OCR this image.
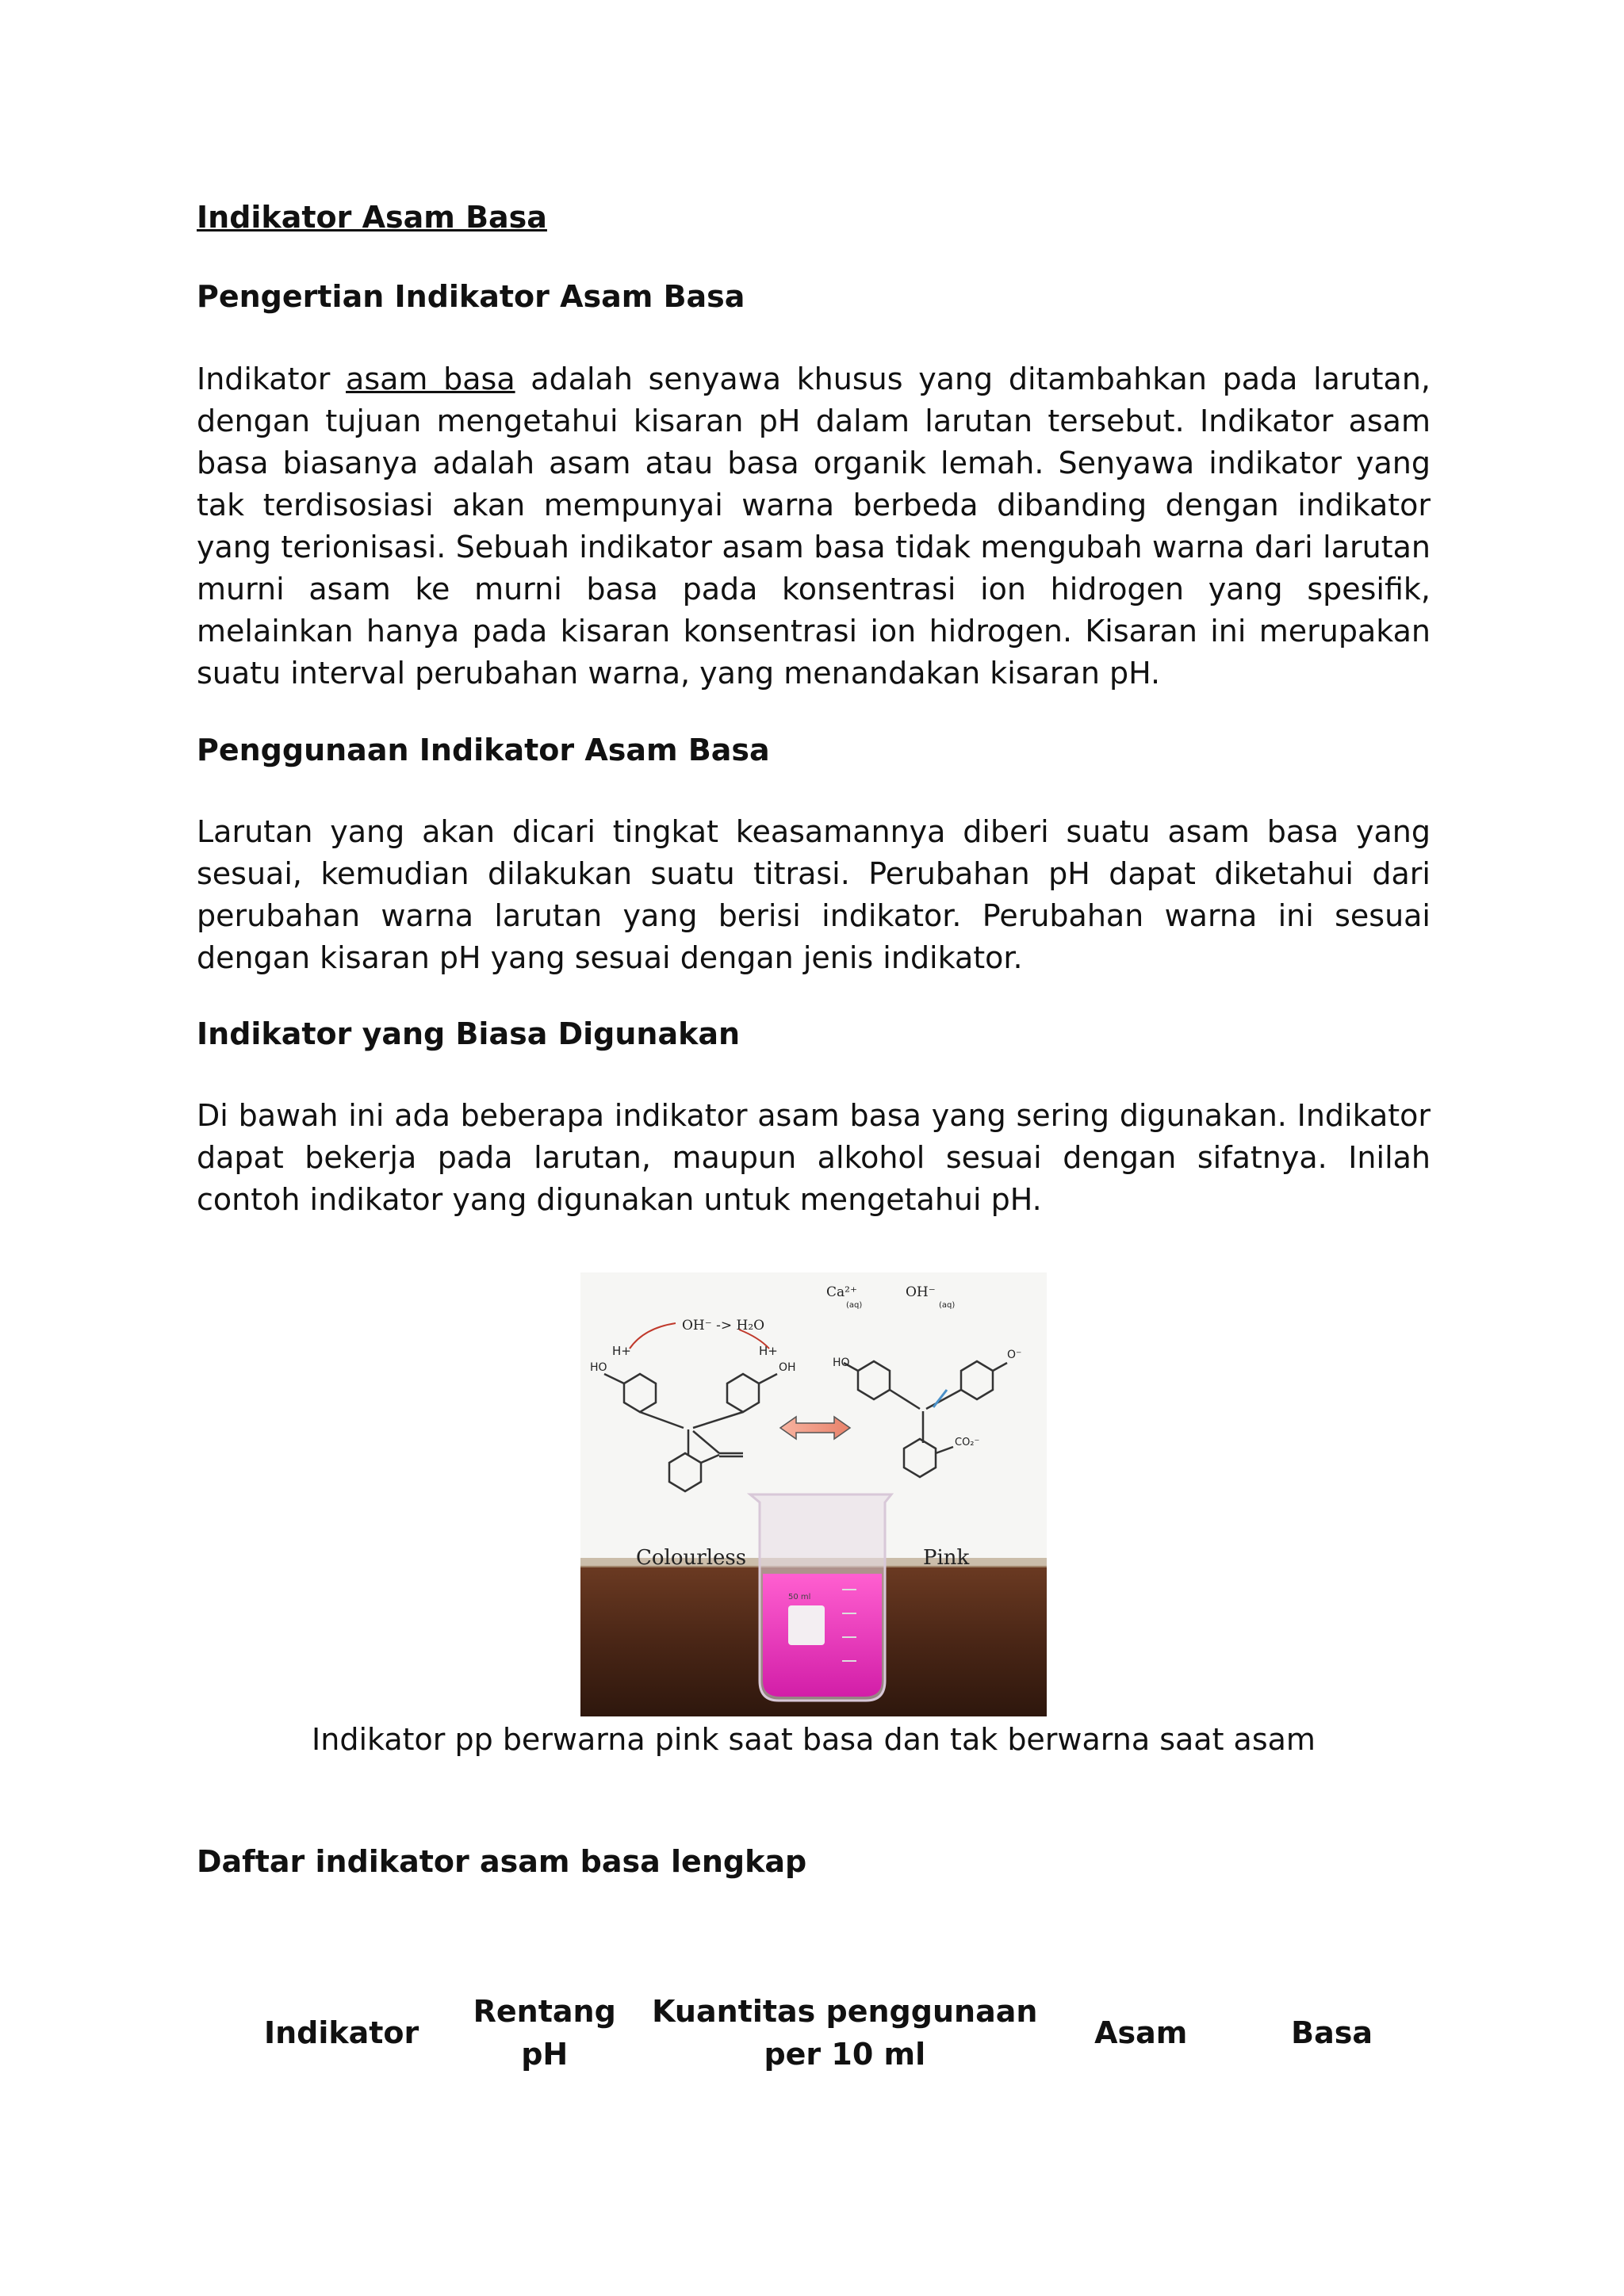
Indikator Asam Basa
Pengertian Indikator Asam Basa

Indikator asam basa adalah senyawa khusus yang ditambahkan pada larutan, dengan tujuan mengetahui kisaran pH dalam larutan tersebut. Indikator asam basa biasanya adalah asam atau basa organik lemah. Senyawa indikator yang tak terdisosiasi akan mempunyai warna berbeda dibanding dengan indikator yang terionisasi. Sebuah indikator asam basa tidak mengubah warna dari larutan murni asam ke murni basa pada konsentrasi ion hidrogen yang spesifik, melainkan hanya pada kisaran konsentrasi ion hidrogen. Kisaran ini merupakan suatu interval perubahan warna, yang menandakan kisaran pH.

Penggunaan Indikator Asam Basa

Larutan yang akan dicari tingkat keasamannya diberi suatu asam basa yang sesuai, kemudian dilakukan suatu titrasi. Perubahan pH dapat diketahui dari perubahan warna larutan yang berisi indikator. Perubahan warna ini sesuai dengan kisaran pH yang sesuai dengan jenis indikator.

Indikator yang Biasa Digunakan

Di bawah ini ada beberapa indikator asam basa yang sering digunakan. Indikator dapat bekerja pada larutan, maupun alkohol sesuai dengan sifatnya. Inilah contoh indikator yang digunakan untuk mengetahui pH.

HO	OH
H+	H+
OH⁻ -> H₂O
HO
O⁻
CO₂⁻
Ca²⁺
(aq)
OH⁻
(aq)
Colourless	Pink
50 ml

Indikator pp berwarna pink saat basa dan tak berwarna saat asam

Daftar indikator asam basa lengkap
Indikator	Rentang pH	Kuantitas penggunaan per 10 ml	Asam	Basa
